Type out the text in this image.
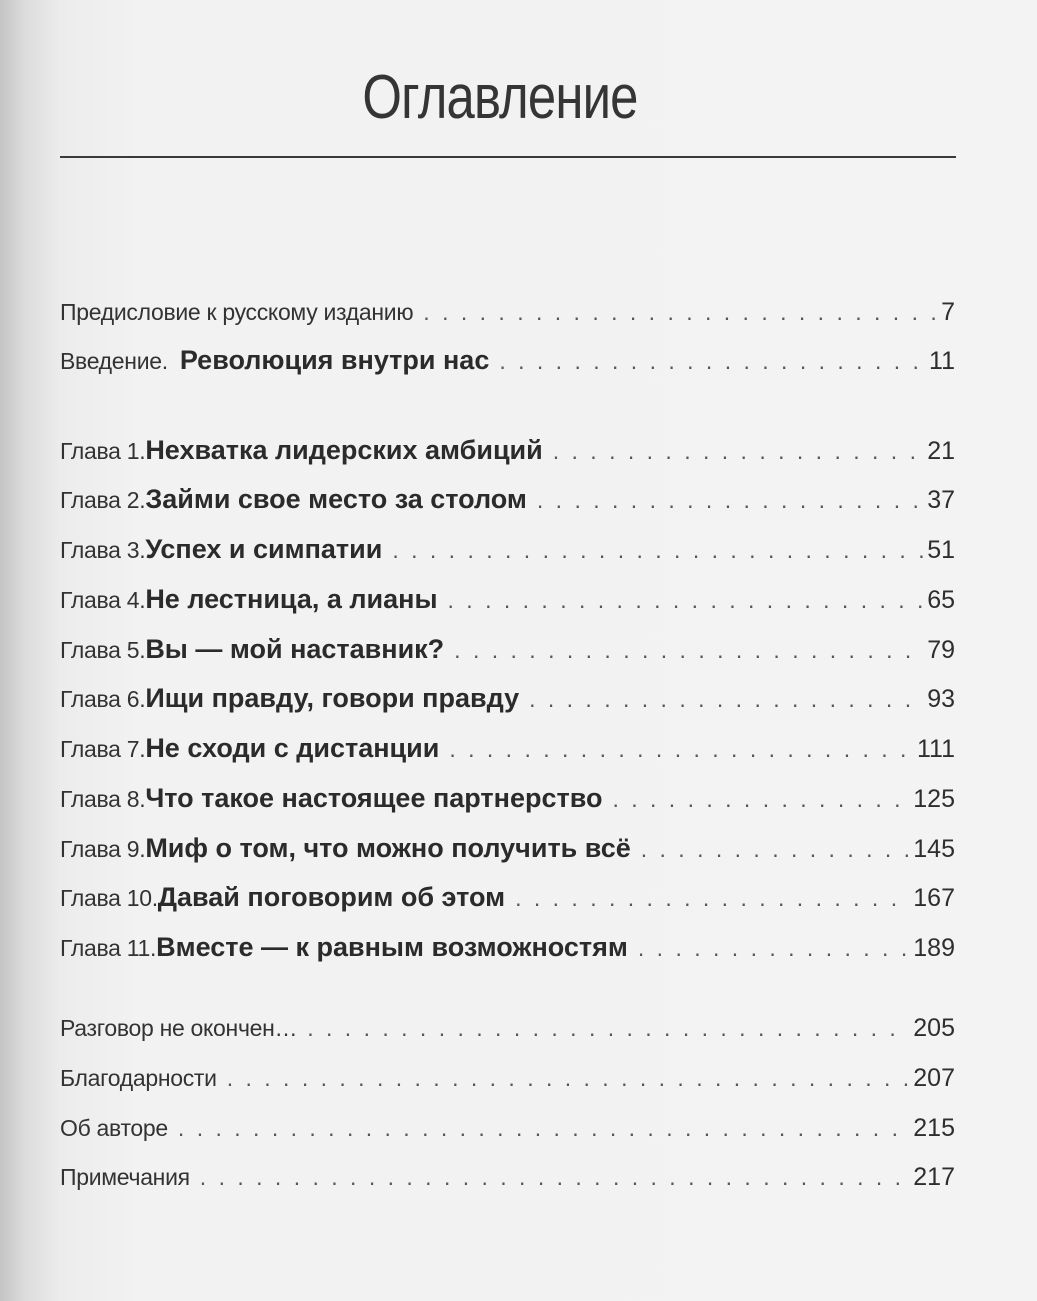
Оглавление
Предисловие к русскому изданию . . .	7
Введение. Революция внутри нас . . .	11
Глава 1. Нехватка лидерских амбиций . . .	21
Глава 2. Займи свое место за столом . . .	37
Глава 3. Успех и симпатии . . .	51
Глава 4. Не лестница, а лианы . . .	65
Глава 5. Вы — мой наставник? . . .	79
Глава 6. Ищи правду, говори правду . . .	93
Глава 7. Не сходи с дистанции . . .	111
Глава 8. Что такое настоящее партнерство . . .	125
Глава 9. Миф о том, что можно получить всё . . .	145
Глава 10. Давай поговорим об этом . . .	167
Глава 11. Вместе — к равным возможностям . . .	189
Разговор не окончен… . . .	205
Благодарности . . .	207
Об авторе . . .	215
Примечания . . .	217
